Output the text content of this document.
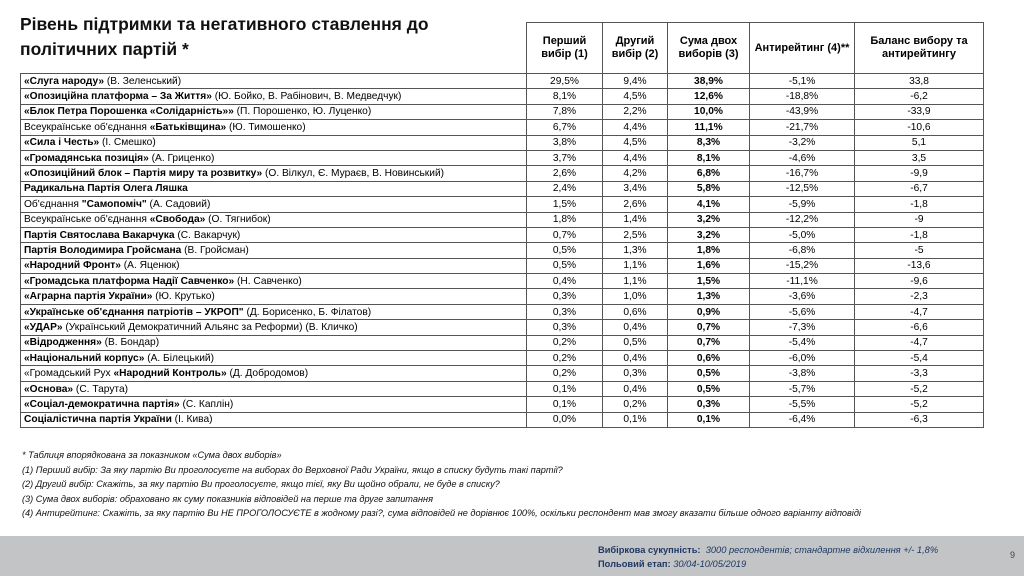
Рівень підтримки та негативного ставлення до політичних партій *
		Перший вибір (1)	Другий вибір (2)	Сума двох виборів (3)	Антирейтинг (4)**	Баланс вибору та антирейтингу
«Слуга народу» (В. Зеленський)	29,5%	9,4%	38,9%	-5,1%	33,8
«Опозиційна платформа – За Життя» (Ю. Бойко, В. Рабінович, В. Медведчук)	8,1%	4,5%	12,6%	-18,8%	-6,2
«Блок Петра Порошенка «Солідарність»» (П. Порошенко, Ю. Луценко)	7,8%	2,2%	10,0%	-43,9%	-33,9
Всеукраїнське об'єднання «Батьківщина» (Ю. Тимошенко)	6,7%	4,4%	11,1%	-21,7%	-10,6
«Сила і Честь» (І. Смешко)	3,8%	4,5%	8,3%	-3,2%	5,1
«Громадянська позиція» (А. Гриценко)	3,7%	4,4%	8,1%	-4,6%	3,5
«Опозиційний блок – Партія миру та розвитку» (О. Вілкул, Є. Мураєв, В. Новинський)	2,6%	4,2%	6,8%	-16,7%	-9,9
Радикальна Партія Олега Ляшка	2,4%	3,4%	5,8%	-12,5%	-6,7
Об'єднання "Самопоміч" (А. Садовий)	1,5%	2,6%	4,1%	-5,9%	-1,8
Всеукраїнське об'єднання «Свобода» (О. Тягнибок)	1,8%	1,4%	3,2%	-12,2%	-9
Партія Святослава Вакарчука (С. Вакарчук)	0,7%	2,5%	3,2%	-5,0%	-1,8
Партія Володимира Гройсмана (В. Гройсман)	0,5%	1,3%	1,8%	-6,8%	-5
«Народний Фронт» (А. Яценюк)	0,5%	1,1%	1,6%	-15,2%	-13,6
«Громадська платформа Надії Савченко» (Н. Савченко)	0,4%	1,1%	1,5%	-11,1%	-9,6
«Аграрна партія України» (Ю. Крутько)	0,3%	1,0%	1,3%	-3,6%	-2,3
«Українське об'єднання патріотів – УКРОП" (Д. Борисенко, Б. Філатов)	0,3%	0,6%	0,9%	-5,6%	-4,7
«УДАР» (Український Демократичний Альянс за Реформи) (В. Кличко)	0,3%	0,4%	0,7%	-7,3%	-6,6
«Відродження» (В. Бондар)	0,2%	0,5%	0,7%	-5,4%	-4,7
«Національний корпус» (А. Білецький)	0,2%	0,4%	0,6%	-6,0%	-5,4
«Громадський Рух «Народний Контроль» (Д. Добродомов)	0,2%	0,3%	0,5%	-3,8%	-3,3
«Основа» (С. Тарута)	0,1%	0,4%	0,5%	-5,7%	-5,2
«Соціал-демократична партія» (С. Каплін)	0,1%	0,2%	0,3%	-5,5%	-5,2
Соціалістична партія України (І. Кива)	0,0%	0,1%	0,1%	-6,4%	-6,3
* Таблиця впорядкована за показником «Сума двох виборів»
(1) Перший вибір: За яку партію Ви проголосуєте на виборах до Верховної Ради України, якщо в списку будуть такі партії?
(2) Другий вибір: Скажіть, за яку партію Ви проголосуєте, якщо тієї, яку Ви щойно обрали, не буде в списку?
(3) Сума двох виборів: обраховано як суму показників відповідей на перше та друге запитання
(4) Антирейтинг: Скажіть, за яку партію Ви НЕ ПРОГОЛОСУЄТЕ в жодному разі?, сума відповідей не дорівнює 100%, оскільки респондент мав змогу вказати більше одного варіанту відповіді
Вибіркова сукупність: 3000 респондентів; стандартне відхилення +/- 1,8%
Польовий етап: 30/04-10/05/2019
9
